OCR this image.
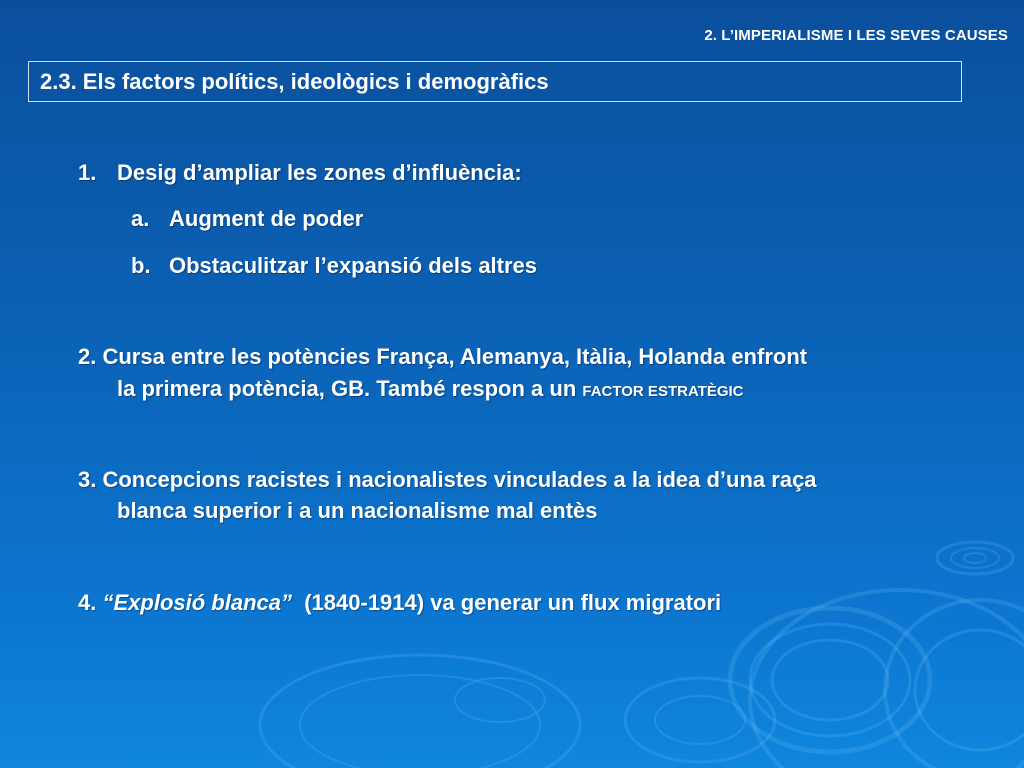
2. L’IMPERIALISME I LES SEVES CAUSES
2.3. Els factors polítics, ideològics i demogràfics
1. Desig d’ampliar les zones d’influència:
a. Augment de poder
b. Obstaculitzar l’expansió dels altres
2. Cursa entre les potències França, Alemanya, Itàlia, Holanda enfront
la primera potència, GB. També respon a un FACTOR ESTRATÈGIC
3. Concepcions racistes i nacionalistes vinculades a la idea d’una raça
blanca superior i a un nacionalisme mal entès
4. “Explosió blanca” (1840-1914) va generar un flux migratori
